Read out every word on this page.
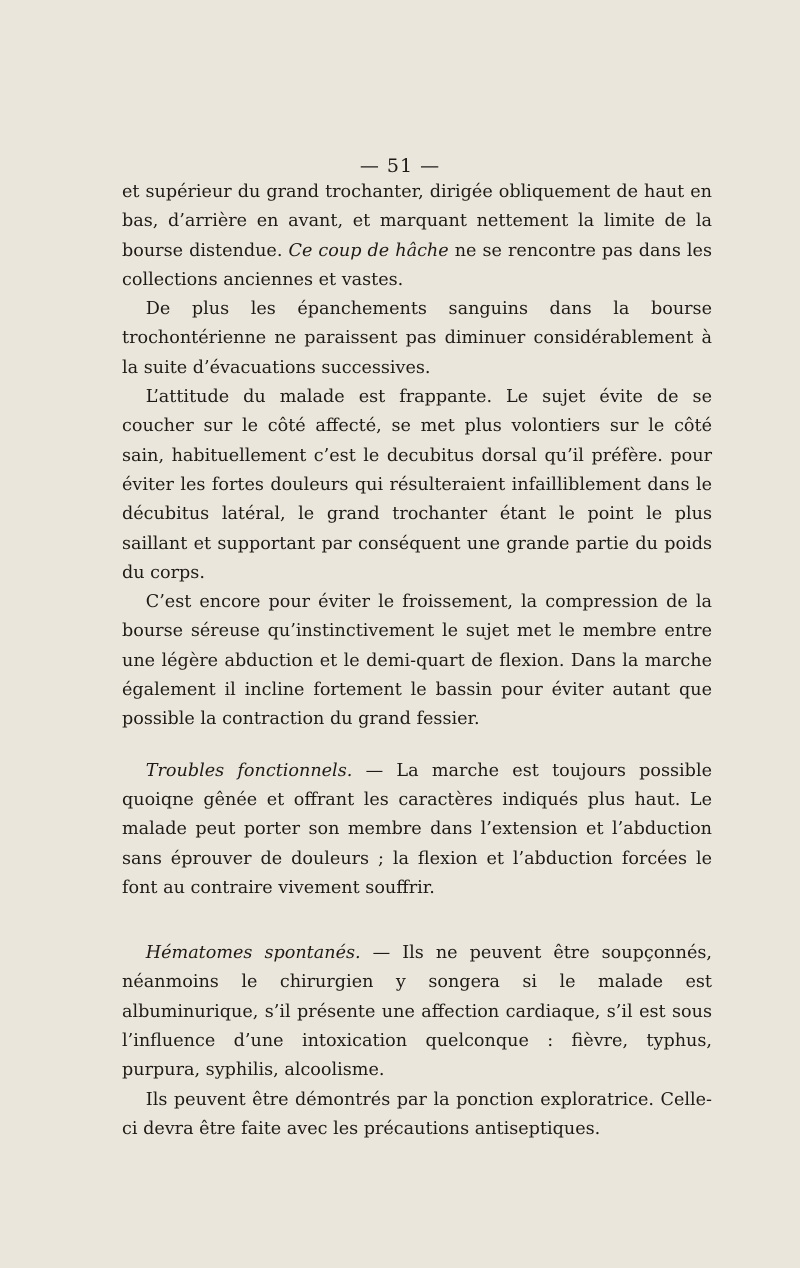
— 51 —

et supérieur du grand trochanter, dirigée obliquement de haut en bas, d’arrière en avant, et marquant nettement la limite de la bourse distendue. Ce coup de hâche ne se rencontre pas dans les collections anciennes et vastes.

De plus les épanchements sanguins dans la bourse trochontérienne ne paraissent pas diminuer considérablement à la suite d’évacuations successives.

L’attitude du malade est frappante. Le sujet évite de se coucher sur le côté affecté, se met plus volontiers sur le côté sain, habituellement c’est le decubitus dorsal qu’il préfère. pour éviter les fortes douleurs qui résulteraient infailliblement dans le décubitus latéral, le grand trochanter étant le point le plus saillant et supportant par conséquent une grande partie du poids du corps.

C’est encore pour éviter le froissement, la compression de la bourse séreuse qu’instinctivement le sujet met le membre entre une légère abduction et le demi-quart de flexion. Dans la marche également il incline fortement le bassin pour éviter autant que possible la contraction du grand fessier.

Troubles fonctionnels. — La marche est toujours possible quoiqne gênée et offrant les caractères indiqués plus haut. Le malade peut porter son membre dans l’extension et l’abduction sans éprouver de douleurs ; la flexion et l’abduction forcées le font au contraire vivement souffrir.

Hématomes spontanés. — Ils ne peuvent être soupçonnés, néanmoins le chirurgien y songera si le malade est albuminurique, s’il présente une affection cardiaque, s’il est sous l’influence d’une intoxication quelconque : fièvre, typhus, purpura, syphilis, alcoolisme.

Ils peuvent être démontrés par la ponction exploratrice. Celle-ci devra être faite avec les précautions antiseptiques.
